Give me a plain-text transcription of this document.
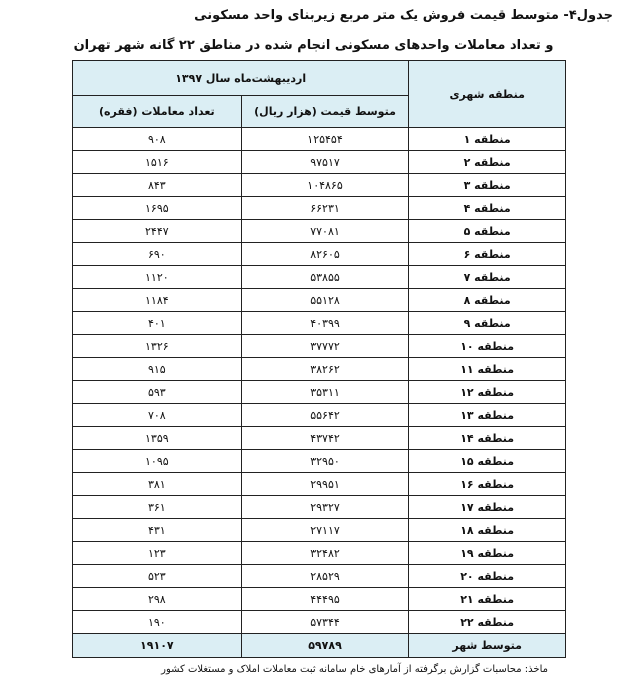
جدول۴- متوسط قیمت فروش یک متر مربع زیربنای واحد مسکونی
و تعداد معاملات واحدهای مسکونی انجام شده در مناطق ۲۲ گانه شهر تهران
منطقه شهری	اردیبهشت‌ماه سال ۱۳۹۷	
	متوسط قیمت (هزار ریال)	تعداد معاملات (فقره)
منطقه ۱	۱۲۵۴۵۴	۹۰۸
منطقه ۲	۹۷۵۱۷	۱۵۱۶
منطقه ۳	۱۰۴۸۶۵	۸۴۳
منطقه ۴	۶۶۲۳۱	۱۶۹۵
منطقه ۵	۷۷۰۸۱	۲۴۴۷
منطقه ۶	۸۲۶۰۵	۶۹۰
منطقه ۷	۵۳۸۵۵	۱۱۲۰
منطقه ۸	۵۵۱۲۸	۱۱۸۴
منطقه ۹	۴۰۳۹۹	۴۰۱
منطقه ۱۰	۳۷۷۷۲	۱۳۲۶
منطقه ۱۱	۳۸۲۶۲	۹۱۵
منطقه ۱۲	۳۵۳۱۱	۵۹۳
منطقه ۱۳	۵۵۶۴۲	۷۰۸
منطقه ۱۴	۴۳۷۴۲	۱۳۵۹
منطقه ۱۵	۳۲۹۵۰	۱۰۹۵
منطقه ۱۶	۲۹۹۵۱	۳۸۱
منطقه ۱۷	۲۹۳۲۷	۳۶۱
منطقه ۱۸	۲۷۱۱۷	۴۳۱
منطقه ۱۹	۳۲۴۸۲	۱۲۳
منطقه ۲۰	۲۸۵۲۹	۵۲۳
منطقه ۲۱	۴۴۴۹۵	۲۹۸
منطقه ۲۲	۵۷۳۴۴	۱۹۰
متوسط شهر	۵۹۷۸۹	۱۹۱۰۷
ماخذ: محاسبات گزارش برگرفته از آمارهای خام سامانه ثبت معاملات املاک و مستغلات کشور
